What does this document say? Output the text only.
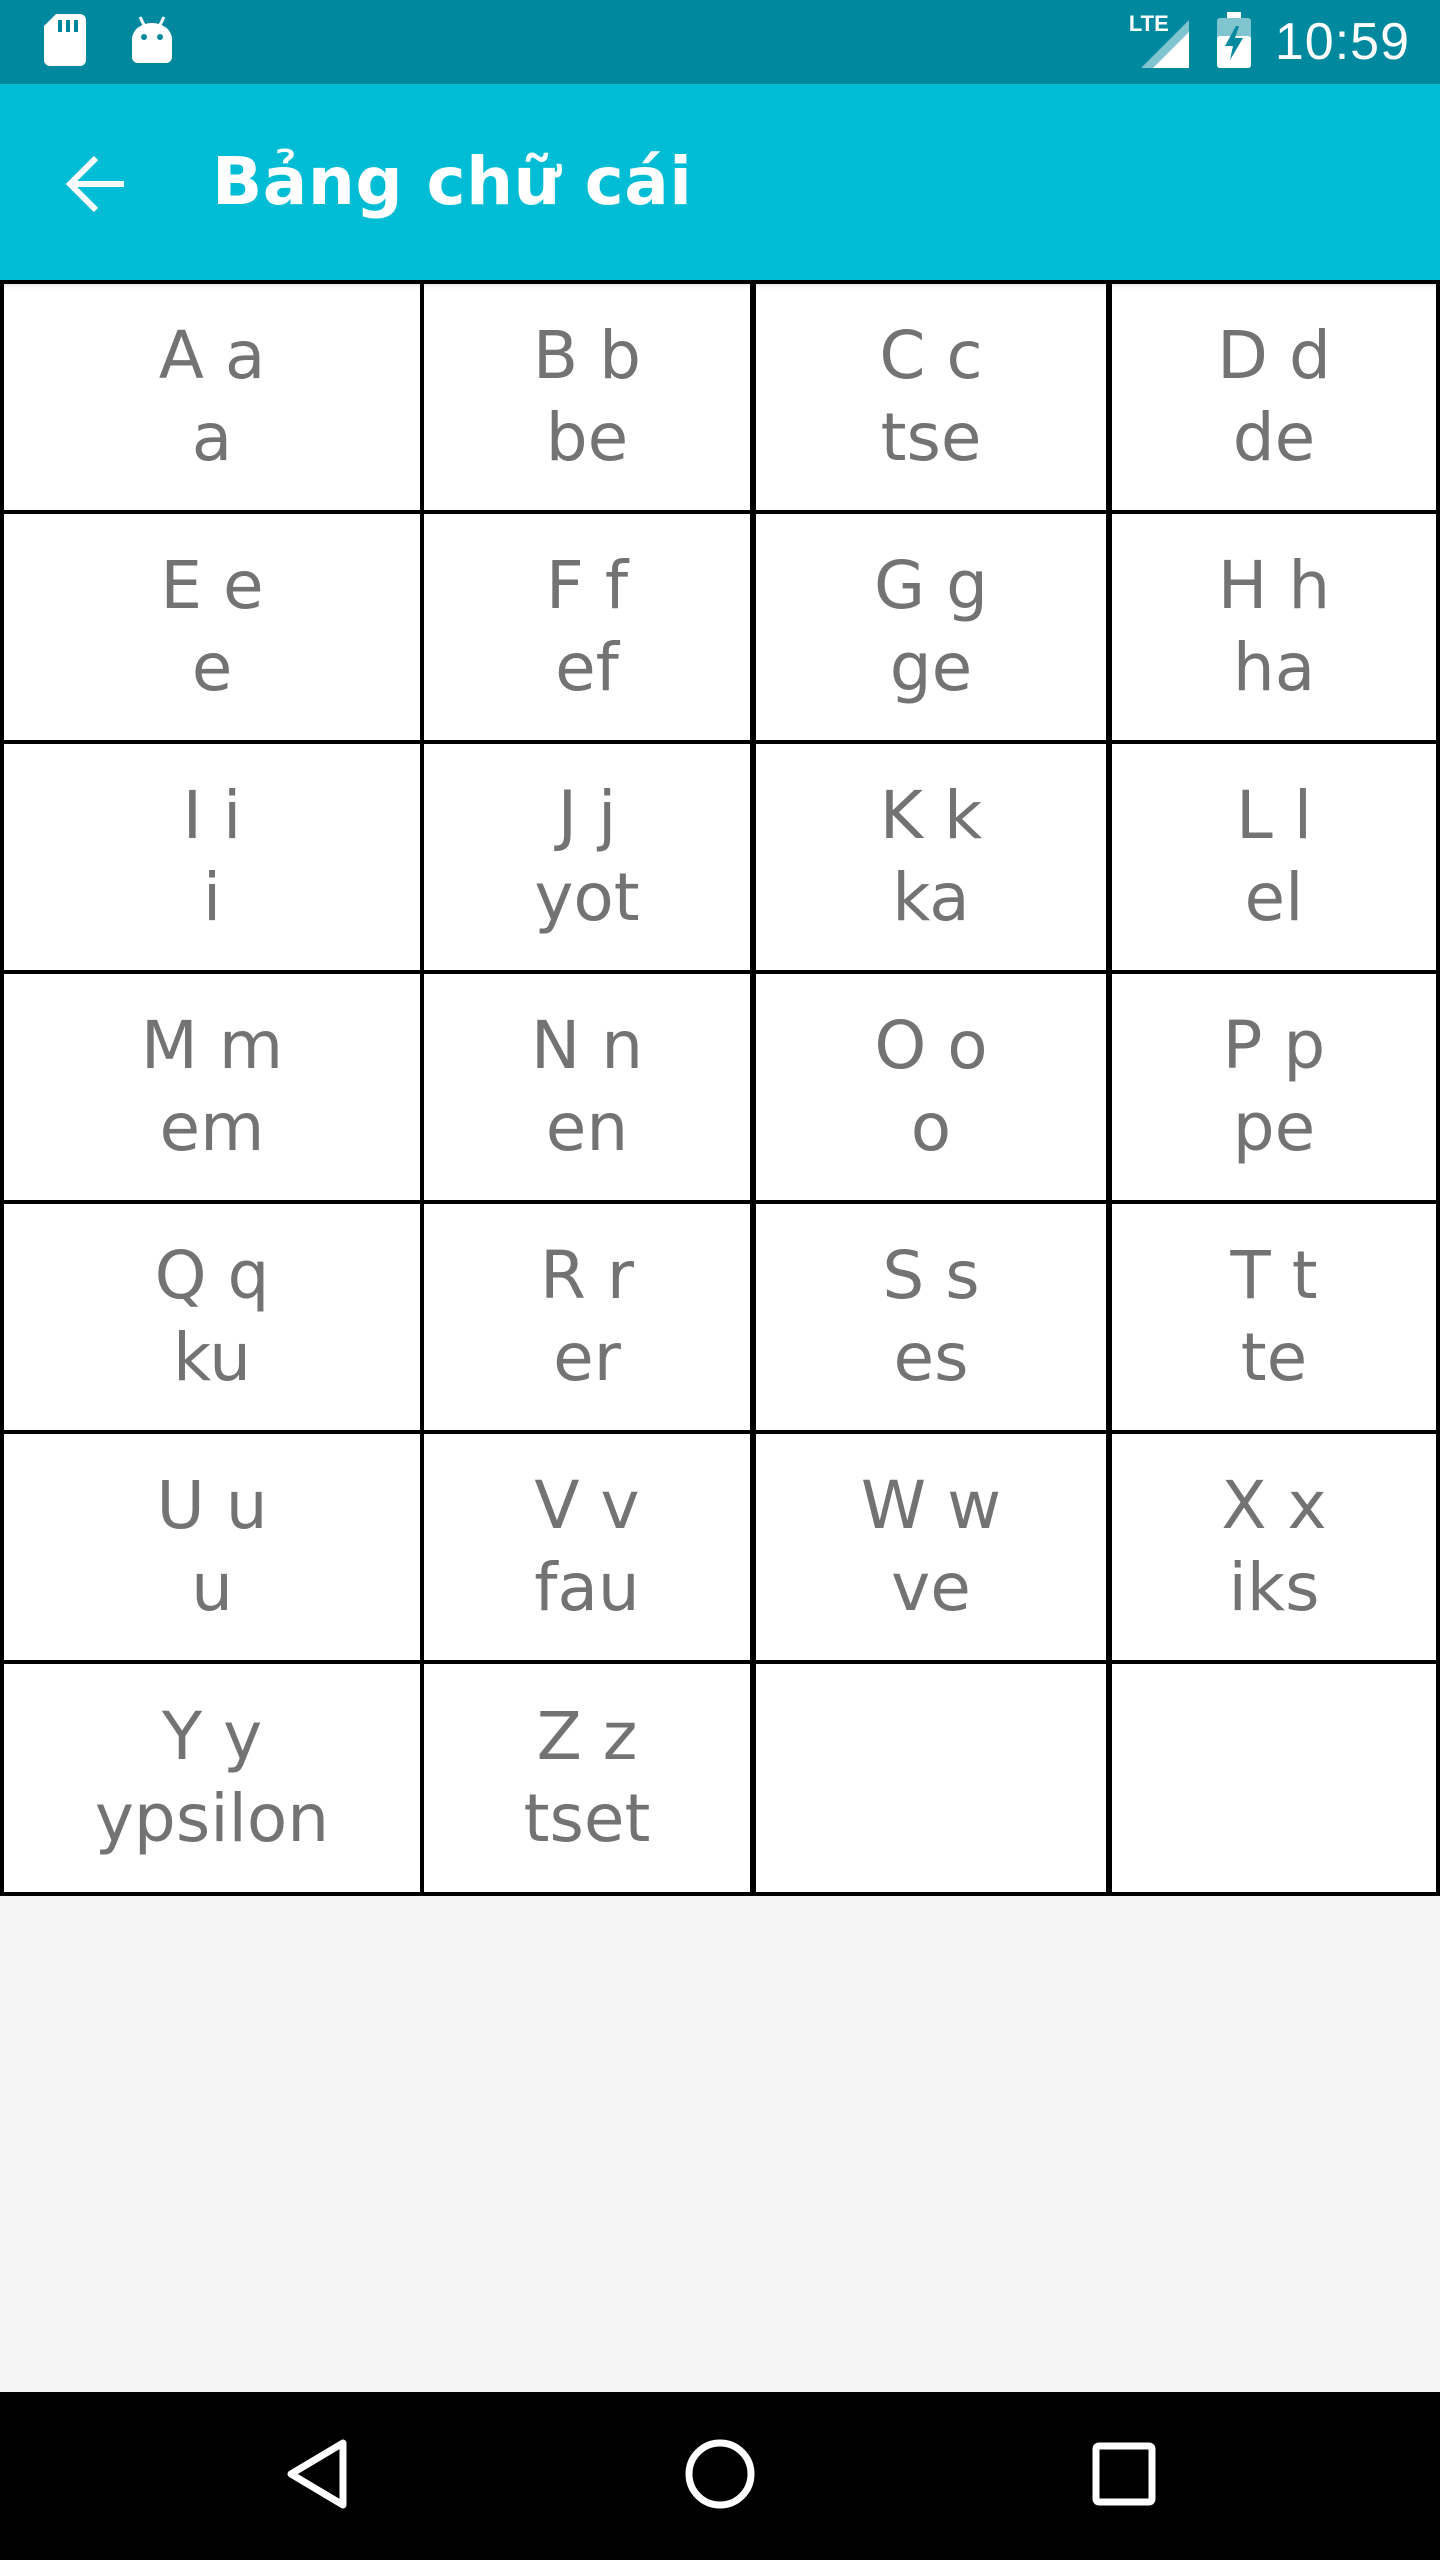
LTE 10:59
Bảng chữ cái
A a
a
B b
be
C c
tse
D d
de
E e
e
F f
ef
G g
ge
H h
ha
I i
i
J j
yot
K k
ka
L l
el
M m
em
N n
en
O o
o
P p
pe
Q q
ku
R r
er
S s
es
T t
te
U u
u
V v
fau
W w
ve
X x
iks
Y y
ypsilon
Z z
tset
